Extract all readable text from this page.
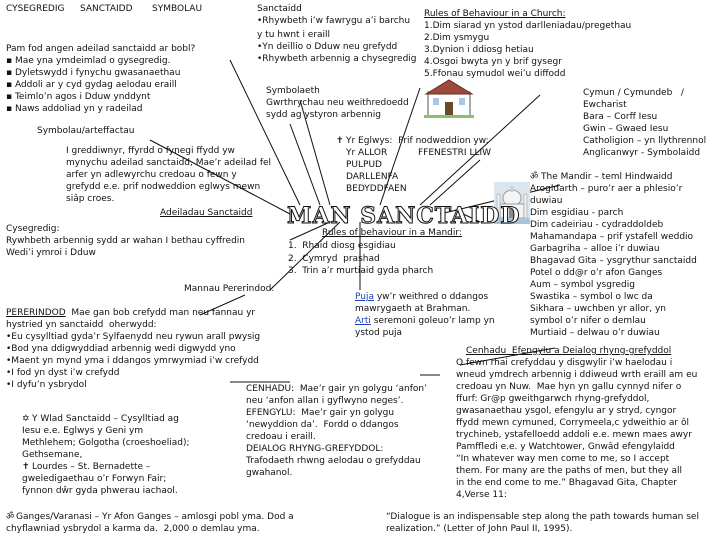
CYSEGREDIG SANCTAIDD SYMBOLAU	Sanctaidd
•Rhywbeth i’w fawrygu a’i barchu
y tu hwnt i eraill
•Yn deillio o Dduw neu grefydd
•Rhywbeth arbennig a chysegredig
Rules of Behaviour in a Church:
1.Dim siarad yn ystod darlleniadau/pregethau
2.Dim ysmygu
3.Dynion i ddiosg hetiau
4.Osgoi bwyta yn y brif gysegr
5.Ffonau symudol wei’u diffodd
Pam fod angen adeilad sanctaidd ar bobl?
▪ Mae yna ymdeimlad o gysegredig.
▪ Dyletswydd i fynychu gwasanaethau
▪ Addoli ar y cyd gydag aelodau eraill
▪ Teimlo’n agos i Dduw ynddynt
▪ Naws addoliad yn y radeilad
Symbolaeth
Gwrthrychau neu weithredoedd
sydd ag ystyron arbennig
Cymun / Cymundeb   /
Ewcharist
Bara – Corff Iesu
Gwin – Gwaed Iesu
Catholigion – yn llythrennol
Anglicanwyr - Symbolaidd
Symbolau/arteffactau
I greddiwnyr, ffyrdd o fynegi ffydd yw
mynychu adeilad sanctaidd, Mae’r adeilad fel
arfer yn adlewyrchu credoau o fewn y
grefydd e.e. prif nodweddion eglwys mewn
siâp croes.
✝ Yr Eglwys:  Prif nodweddion yw:
Yr ALLOR	FFENESTRI LLIW
PULPUD
DARLLENFA
BEDYDDFAEN
ॐ The Mandir – teml Hindwaidd
Arogldarth – puro’r aer a phlesio’r
duwiau
Dim esgidiau - parch
Dim cadeiriau - cydraddoldeb
Mahamandapa – prif ystafell weddio
Garbagriha – alloe i’r duwiau
Bhagavad Gita – ysgrythur sanctaidd
Potel o dd@r o’r afon Ganges
Aum – symbol ysgredig
Swastika – symbol o lwc da
Sikhara – uwchben yr allor, yn
symbol o’r nifer o demlau
Murtiaid – delwau o’r duwiau
Adeiladau Sanctaidd MAN SANCTAIDD
Cysegredig:
Rywhbeth arbennig sydd ar wahan I bethau cyffredin
Wedi’i ymroi i Dduw
Rules of behaviour in a Mandir:
1.  Rhaid diosg esgidiau
2.  Cymryd  prashad
3.  Trin a’r murtiaid gyda pharch
Mannau Pererindod:
Puja yw’r weithred o ddangos
mawrygaeth at Brahman.
Arti seremoni goleuo’r lamp yn
ystod puja
PERERINDOD  Mae gan bob crefydd man neu fannau yr
hystried yn sanctaidd  oherwydd:
•Eu cysylltiad gyda’r Sylfaenydd neu rywun arall pwysig
•Bod yna ddigwyddiad arbennig wedi digwydd yno
•Maent yn mynd yma i ddangos ymrwymiad i’w crefydd
•I fod yn dyst i’w crefydd
•I dyfu’n ysbrydol
Cenhadu  Efengylu a Deialog rhyng-grefyddol
O fewn rhai crefyddau y disgwylir i’w haelodau i
wneud ymdrech arbennig i ddiweud wrth eraill am eu
credoau yn Nuw.  Mae hyn yn gallu cynnyd nifer o
ffurf: Gr@p gweithgarwch rhyng-grefyddol,
gwasanaethau ysgol, efengylu ar y stryd, cyngor
ffydd mewn cymuned, Corrymeela,c ydweithio ar ôl
trychineb, ystafelloedd addoli e.e. mewn maes awyr
Pamffledi e.e. y Watchtower, Gnwâd efengylaidd
“In whatever way men come to me, so I accept
them. For many are the paths of men, but they all
in the end come to me.” Bhagavad Gita, Chapter
4,Verse 11:
CENHADU:  Mae’r gair yn golygu ‘anfon’
neu ‘anfon allan i gyflwyno neges’.
EFENGYLU:  Mae’r gair yn golygu
‘newyddion da’.  Fordd o ddangos
credoau i eraill.
DEIALOG RHYNG-GREFYDDOL:
Trafodaeth rhwng aelodau o grefyddau
gwahanol.
✡ Y Wlad Sanctaidd – Cysylltiad ag
Iesu e.e. Eglwys y Geni ym
Methlehem; Golgotha (croeshoeliad);
Gethsemane,
✝ Lourdes – St. Bernadette –
gweledigaethau o’r Forwyn Fair;
fynnon dŵr gyda phwerau iachaol.
ॐ Ganges/Varanasi – Yr Afon Ganges – amlosgi pobl yma. Dod a
chyflawniad ysbrydol a karma da.  2,000 o demlau yma.
“Dialogue is an indispensable step along the path towards human sel
realization.” (Letter of John Paul II, 1995).
